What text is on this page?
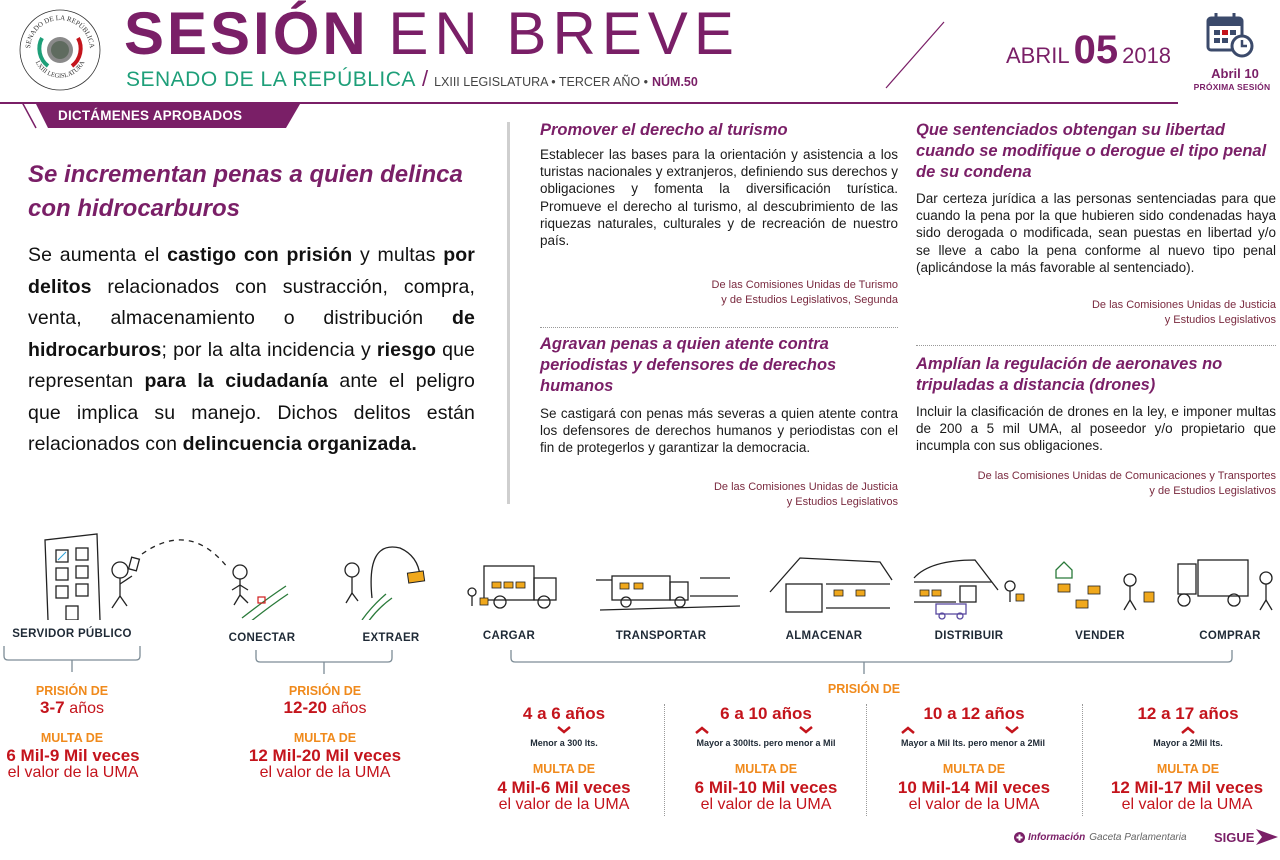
SENADO DE LA REPÚBLICA
LXIII LEGISLATURA SESIÓN EN BREVE
SENADO DE LA REPÚBLICA / LXIII LEGISLATURA • TERCER AÑO • NÚM.50
ABRIL 05 2018
Abril 10
PRÓXIMA SESIÓN
DICTÁMENES APROBADOS
Se incrementan penas a quien delinca con hidrocarburos
Se aumenta el castigo con prisión y multas por delitos relacionados con sustracción, compra, venta, almacenamiento o distribución de hidrocarburos; por la alta incidencia y riesgo que representan para la ciudadanía ante el peligro que implica su manejo. Dichos delitos están relacionados con delincuencia organizada.
Promover el derecho al turismo
Establecer las bases para la orientación y asistencia a los turistas nacionales y extranjeros, definiendo sus derechos y obligaciones y fomenta la diversificación turística. Promueve el derecho al turismo, al descubrimiento de las riquezas naturales, culturales y de recreación de nuestro país.
De las Comisiones Unidas de Turismo
y de Estudios Legislativos, Segunda
Agravan penas a quien atente contra periodistas y defensores de derechos humanos
Se castigará con penas más severas a quien atente contra los defensores de derechos humanos y periodistas con el fin de protegerlos y garantizar la democracia.
De las Comisiones Unidas de Justicia
y Estudios Legislativos
Que sentenciados obtengan su libertad cuando se modifique o derogue el tipo penal de su condena
Dar certeza jurídica a las personas sentenciadas para que cuando la pena por la que hubieren sido condenadas haya sido derogada o modificada, sean puestas en libertad y/o se lleve a cabo la pena conforme al nuevo tipo penal (aplicándose la más favorable al sentenciado).
De las Comisiones Unidas de Justicia
y Estudios Legislativos
Amplían la regulación de aeronaves no tripuladas a distancia (drones)
Incluir la clasificación de drones en la ley, e imponer multas de 200 a 5 mil UMA, al poseedor y/o propietario que incumpla con sus obligaciones.
De las Comisiones Unidas de Comunicaciones y Transportes
y de Estudios Legislativos
SERVIDOR PÚBLICO	CONECTAR	EXTRAER	CARGAR	TRANSPORTAR	ALMACENAR	DISTRIBUIR	VENDER	COMPRAR
PRISIÓN DE
3-7 años
MULTA DE
6 Mil-9 Mil veces
el valor de la UMA
PRISIÓN DE
12-20 años
MULTA DE
12 Mil-20 Mil veces
el valor de la UMA
PRISIÓN DE
4 a 6 años
Menor a 300 lts.
MULTA DE
4 Mil-6 Mil veces
el valor de la UMA
6 a 10 años
Mayor a 300lts. pero menor a Mil
MULTA DE
6 Mil-10 Mil veces
el valor de la UMA
10 a 12 años
Mayor a Mil lts. pero menor a 2Mil
MULTA DE
10 Mil-14 Mil veces
el valor de la UMA
12 a 17 años
Mayor a 2Mil lts.
MULTA DE
12 Mil-17 Mil veces
el valor de la UMA
Información Gaceta Parlamentaria SIGUE
